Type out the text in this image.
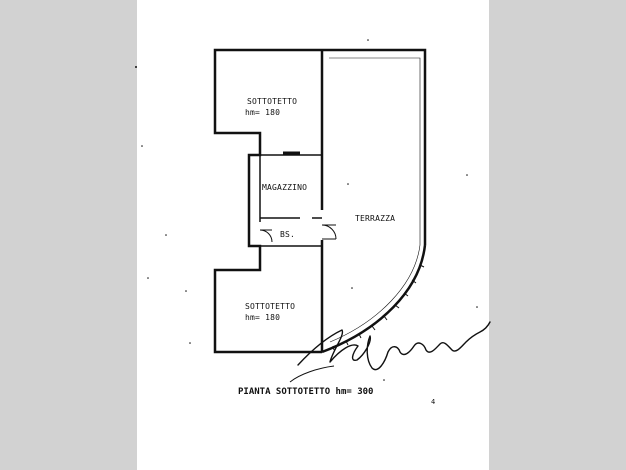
SOTTOTETTO
hm= 180
MAGAZZINO
BS.
TERRAZZA
SOTTOTETTO
hm= 180
PIANTA SOTTOTETTO hm= 300
4
